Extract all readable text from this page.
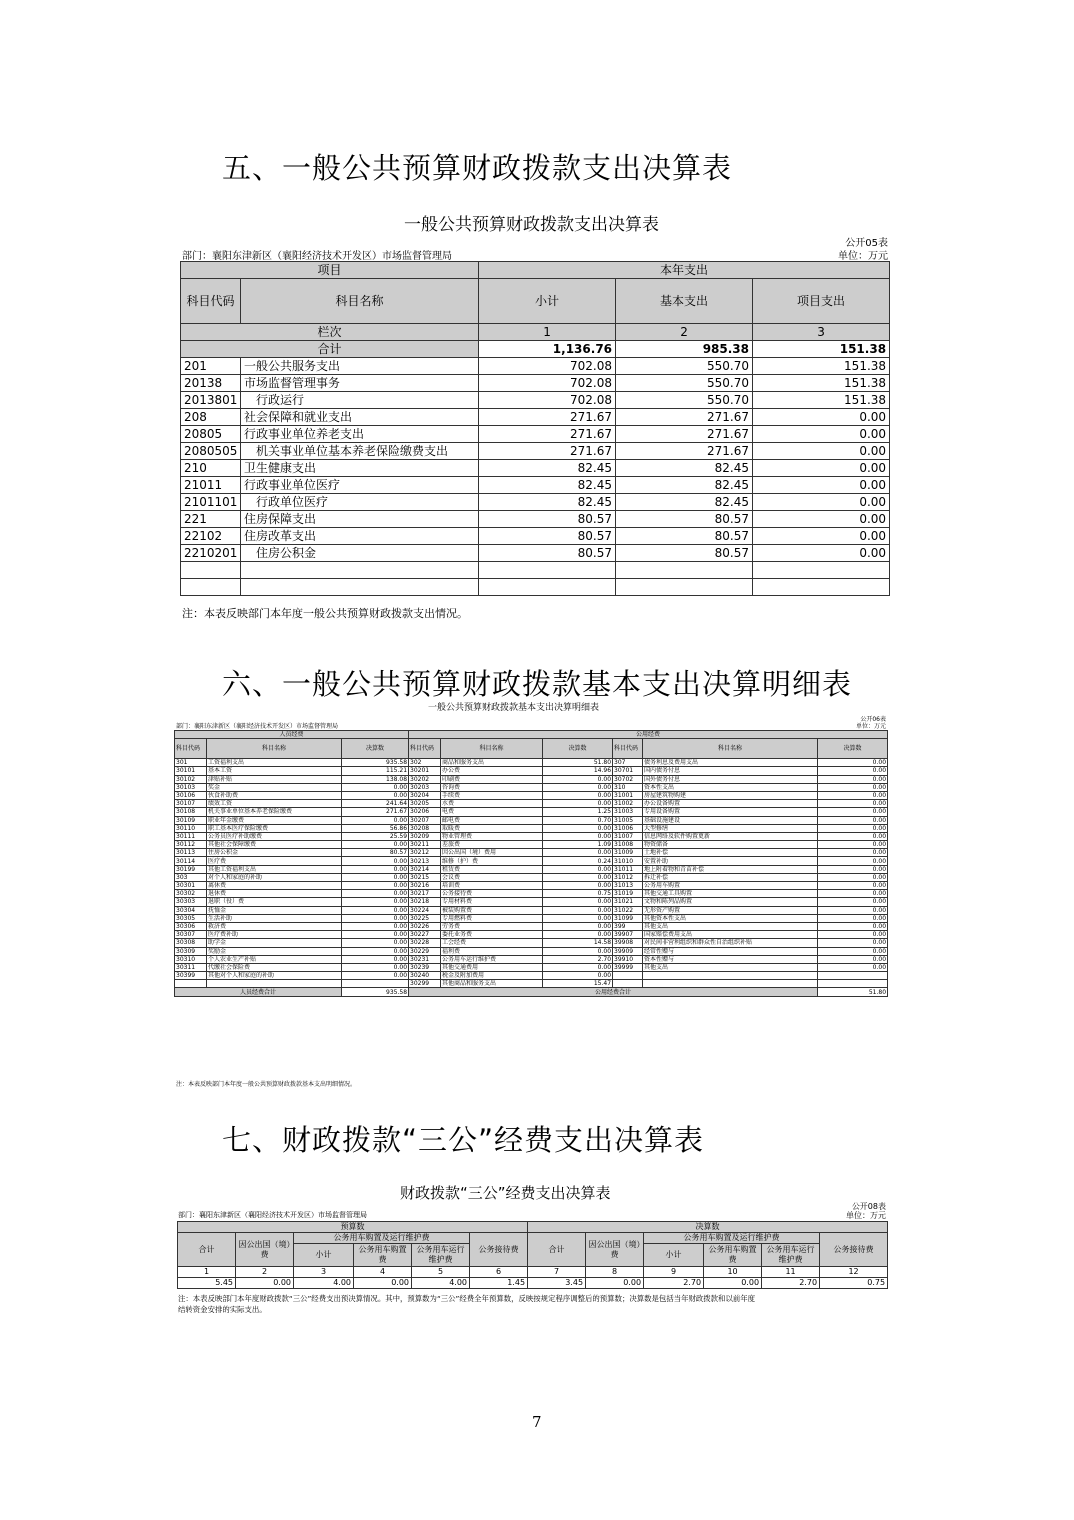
五、一般公共预算财政拨款支出决算表
一般公共预算财政拨款支出决算表
公开05表
部门：襄阳东津新区（襄阳经济技术开发区）市场监督管理局	单位：万元
项目		本年支出		
科目代码	科目名称	小计	基本支出	项目支出
栏次		1	2	3
合计		1,136.76	985.38	151.38
201	一般公共服务支出	702.08	550.70	151.38
20138	市场监督管理事务	702.08	550.70	151.38
2013801	　行政运行	702.08	550.70	151.38
208	社会保障和就业支出	271.67	271.67	0.00
20805	行政事业单位养老支出	271.67	271.67	0.00
2080505	　机关事业单位基本养老保险缴费支出	271.67	271.67	0.00
210	卫生健康支出	82.45	82.45	0.00
21011	行政事业单位医疗	82.45	82.45	0.00
2101101	　行政单位医疗	82.45	82.45	0.00
221	住房保障支出	80.57	80.57	0.00
22102	住房改革支出	80.57	80.57	0.00
2210201	　住房公积金	80.57	80.57	0.00

注：本表反映部门本年度一般公共预算财政拨款支出情况。
六、一般公共预算财政拨款基本支出决算明细表
一般公共预算财政拨款基本支出决算明细表
公开06表
部门：襄阳东津新区（襄阳经济技术开发区）市场监督管理局	单位：万元
人员经费			公用经费					
科目代码	科目名称	决算数	科目代码	科目名称	决算数	科目代码	科目名称	决算数
301	工资福利支出	935.58	302	商品和服务支出	51.80	307	债务利息及费用支出	0.00
30101	基本工资	115.21	30201	办公费	14.96	30701	国内债务付息	0.00
30102	津贴补贴	138.08	30202	印刷费	0.00	30702	国外债务付息	0.00
30103	奖金	0.00	30203	咨询费	0.00	310	资本性支出	0.00
30106	伙食补助费	0.00	30204	手续费	0.00	31001	房屋建筑物购建	0.00
30107	绩效工资	241.64	30205	水费	0.00	31002	办公设备购置	0.00
30108	机关事业单位基本养老保险缴费	271.67	30206	电费	1.25	31003	专用设备购置	0.00
30109	职业年金缴费	0.00	30207	邮电费	0.70	31005	基础设施建设	0.00
30110	职工基本医疗保险缴费	56.86	30208	取暖费	0.00	31006	大型修缮	0.00
30111	公务员医疗补助缴费	25.59	30209	物业管理费	0.00	31007	信息网络及软件购置更新	0.00
30112	其他社会保障缴费	0.00	30211	差旅费	1.09	31008	物资储备	0.00
30113	住房公积金	80.57	30212	因公出国（境）费用	0.00	31009	土地补偿	0.00
30114	医疗费	0.00	30213	维修（护）费	0.24	31010	安置补助	0.00
30199	其他工资福利支出	0.00	30214	租赁费	0.00	31011	地上附着物和青苗补偿	0.00
303	对个人和家庭的补助	0.00	30215	会议费	0.00	31012	拆迁补偿	0.00
30301	离休费	0.00	30216	培训费	0.00	31013	公务用车购置	0.00
30302	退休费	0.00	30217	公务接待费	0.75	31019	其他交通工具购置	0.00
30303	退职（役）费	0.00	30218	专用材料费	0.00	31021	文物和陈列品购置	0.00
30304	抚恤金	0.00	30224	被装购置费	0.00	31022	无形资产购置	0.00
30305	生活补助	0.00	30225	专用燃料费	0.00	31099	其他资本性支出	0.00
30306	救济费	0.00	30226	劳务费	0.00	399	其他支出	0.00
30307	医疗费补助	0.00	30227	委托业务费	0.00	39907	国家赔偿费用支出	0.00
30308	助学金	0.00	30228	工会经费	14.58	39908	对民间非营利组织和群众性自治组织补贴	0.00
30309	奖励金	0.00	30229	福利费	0.00	39909	经常性赠与	0.00
30310	个人农业生产补贴	0.00	30231	公务用车运行维护费	2.70	39910	资本性赠与	0.00
30311	代缴社会保险费	0.00	30239	其他交通费用	0.00	39999	其他支出	0.00
30399	其他对个人和家庭的补助	0.00	30240	税金及附加费用	0.00			
			30299	其他商品和服务支出	15.47			
人员经费合计		935.58	公用经费合计					51.80
注：本表反映部门本年度一般公共预算财政拨款基本支出明细情况。
七、财政拨款“三公”经费支出决算表
财政拨款“三公”经费支出决算表
公开08表
部门：襄阳东津新区（襄阳经济技术开发区）市场监督管理局	单位：万元
预算数						决算数					
合计	因公出国（境）费	公务用车购置及运行维护费			公务接待费	合计	因公出国（境）费	公务用车购置及运行维护费			公务接待费
		小计	公务用车购置费	公务用车运行维护费				小计	公务用车购置费	公务用车运行维护费	
1	2	3	4	5	6	7	8	9	10	11	12
5.45	0.00	4.00	0.00	4.00	1.45	3.45	0.00	2.70	0.00	2.70	0.75
注：本表反映部门本年度财政拨款“三公”经费支出预决算情况。其中，预算数为“三公”经费全年预算数，反映按规定程序调整后的预算数；决算数是包括当年财政拨款和以前年度
结转资金安排的实际支出。
7
